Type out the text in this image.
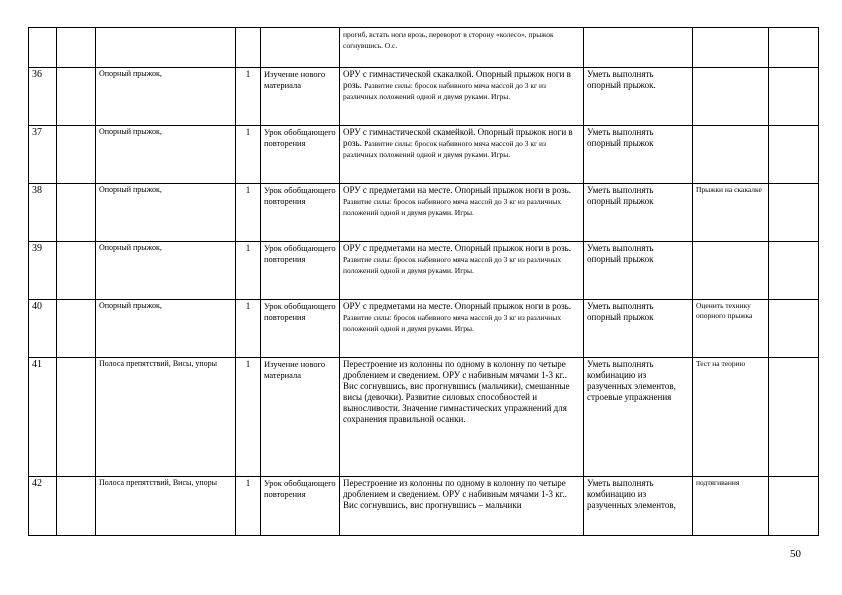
					прогиб, встать ноги врозь, переворот в сторону «колесо», прыжок согнувшись. О.с.			
36		Опорный прыжок,	1	Изучение нового материала	ОРУ с гимнастической скакалкой. Опорный прыжок ноги в розь. Развитие силы: бросок набивного мяча массой до 3 кг из различных положений одной и двумя руками. Игры.	Уметь выполнять опорный прыжок.		
37		Опорный прыжок,	1	Урок обобщающего повторения	ОРУ с гимнастической скамейкой. Опорный прыжок ноги в розь. Развитие силы: бросок набивного мяча массой до 3 кг из различных положений одной и двумя руками. Игры.	Уметь выполнять опорный прыжок		
38		Опорный прыжок,	1	Урок обобщающего повторения	ОРУ с предметами на месте. Опорный прыжок ноги в розь. Развитие силы: бросок набивного мяча массой до 3 кг из различных положений одной и двумя руками. Игры.	Уметь выполнять опорный прыжок	Прыжки на скакалке	
39		Опорный прыжок,	1	Урок обобщающего повторения	ОРУ с предметами на месте. Опорный прыжок ноги в розь. Развитие силы: бросок набивного мяча массой до 3 кг из различных положений одной и двумя руками. Игры.	Уметь выполнять опорный прыжок		
40		Опорный прыжок,	1	Урок обобщающего повторения	ОРУ с предметами на месте. Опорный прыжок ноги в розь. Развитие силы: бросок набивного мяча массой до 3 кг из различных положений одной и двумя руками. Игры.	Уметь выполнять опорный прыжок	Оценить технику опорного прыжка	
41		Полоса препятствий, Висы, упоры	1	Изучение нового материала	Перестроение из колонны по одному в колонну по четыре дроблением и сведением. ОРУ с набивным мячами 1-3 кг.. Вис согнувшись, вис прогнувшись (мальчики), смешанные висы (девочки). Развитие силовых способностей и выносливости. Значение гимнастических упражнений для сохранения правильной осанки.	Уметь выполнять комбинацию из разученных элементов, строевые упражнения	Тест на теорию	
42		Полоса препятствий, Висы, упоры	1	Урок обобщающего повторения	Перестроение из колонны по одному в колонну по четыре дроблением и сведением. ОРУ с набивным мячами 1-3 кг.. Вис согнувшись, вис прогнувшись – мальчики	Уметь выполнять комбинацию из разученных элементов,	подтягивания	
50
